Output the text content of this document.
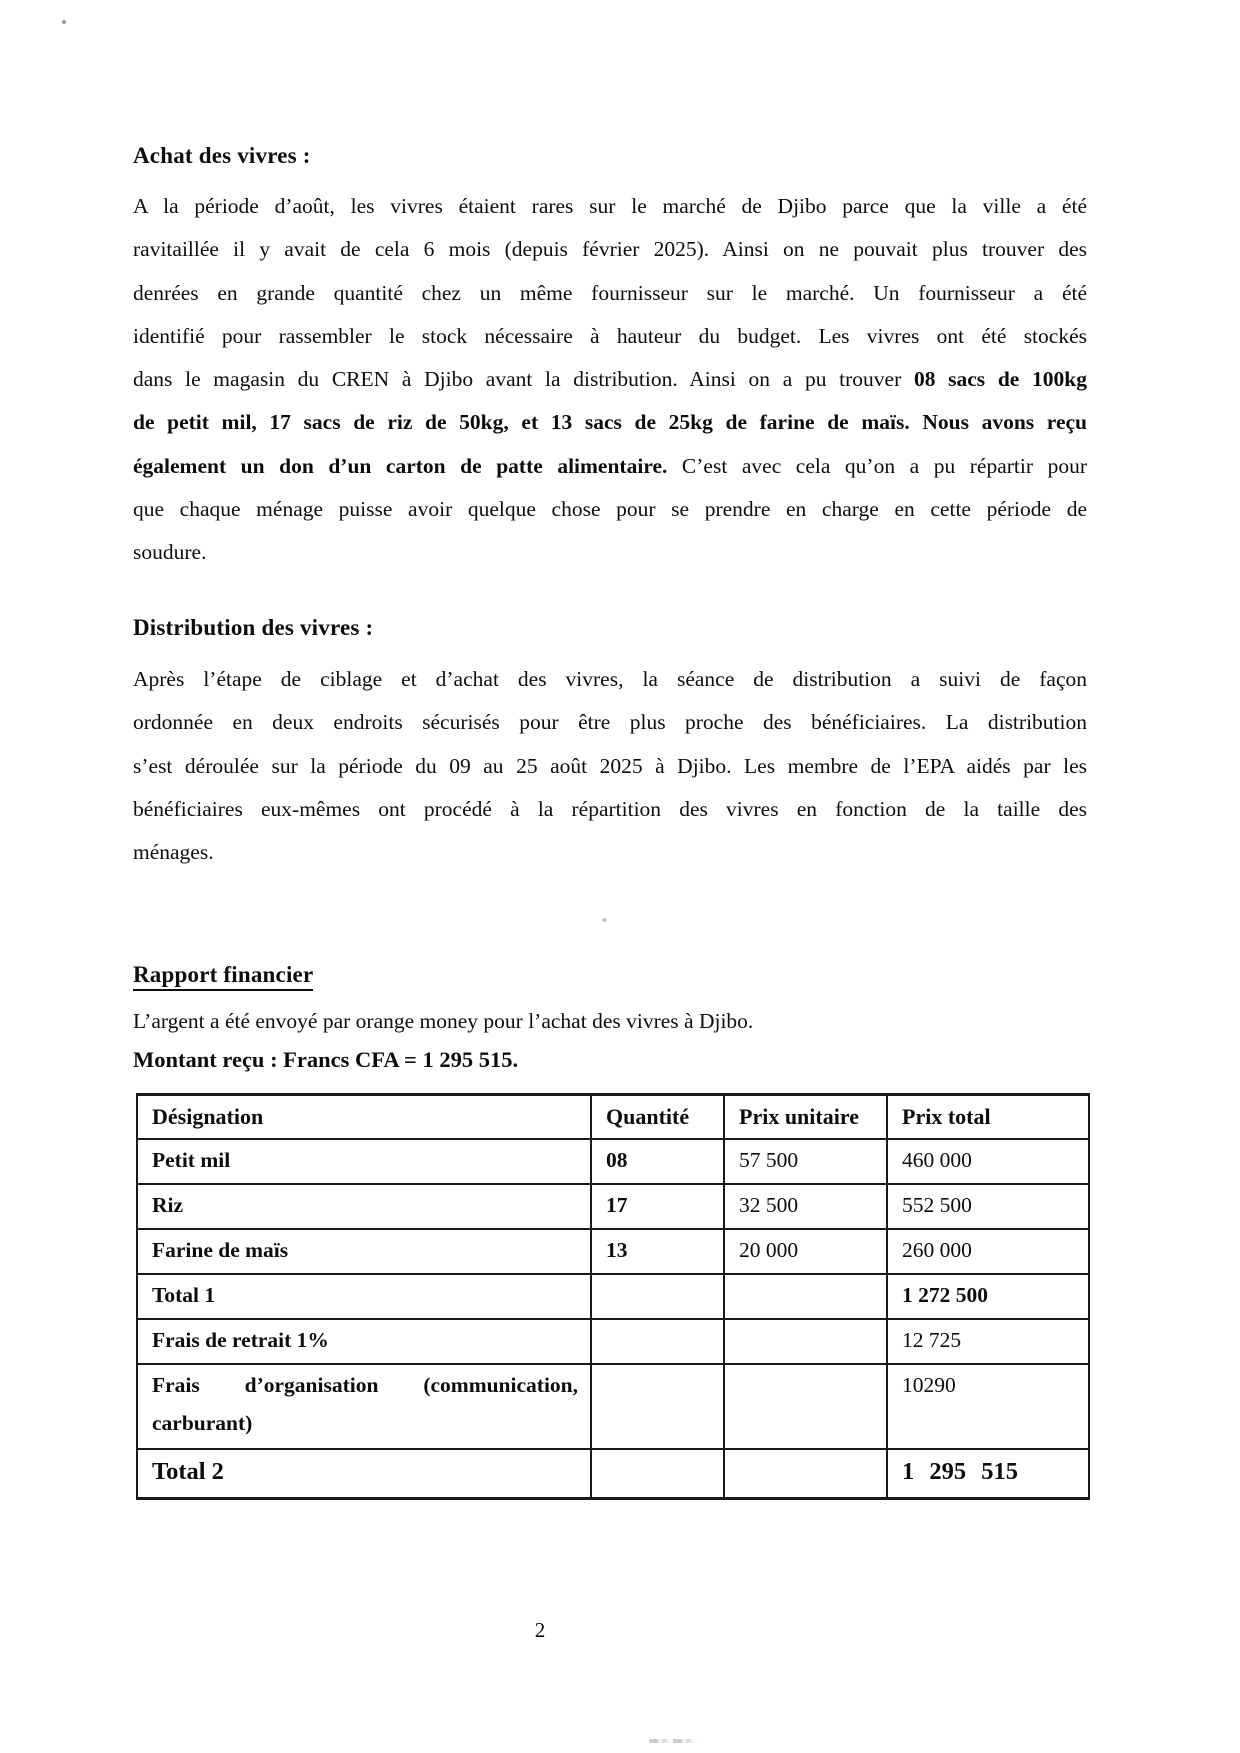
Achat des vivres :
A la période d’août, les vivres étaient rares sur le marché de Djibo parce que la ville a été
ravitaillée il y avait de cela 6 mois (depuis février 2025). Ainsi on ne pouvait plus trouver des
denrées en grande quantité chez un même fournisseur sur le marché. Un fournisseur a été
identifié pour rassembler le stock nécessaire à hauteur du budget. Les vivres ont été stockés
dans le magasin du CREN à Djibo avant la distribution. Ainsi on a pu trouver 08 sacs de 100kg
de petit mil, 17 sacs de riz de 50kg, et 13 sacs de 25kg de farine de maïs. Nous avons reçu
également un don d’un carton de patte alimentaire. C’est avec cela qu’on a pu répartir pour
que chaque ménage puisse avoir quelque chose pour se prendre en charge en cette période de
soudure.
Distribution des vivres :
Après l’étape de ciblage et d’achat des vivres, la séance de distribution a suivi de façon
ordonnée en deux endroits sécurisés pour être plus proche des bénéficiaires. La distribution
s’est déroulée sur la période du 09 au 25 août 2025 à Djibo. Les membre de l’EPA aidés par les
bénéficiaires eux-mêmes ont procédé à la répartition des vivres en fonction de la taille des
ménages.
Rapport financier
L’argent a été envoyé par orange money pour l’achat des vivres à Djibo.
Montant reçu : Francs CFA = 1 295 515.
Désignation	Quantité	Prix unitaire	Prix total
Petit mil	08	57 500	460 000
Riz	17	32 500	552 500
Farine de maïs	13	20 000	260 000
Total 1			1 272 500
Frais de retrait 1%			12 725

Frais d’organisation (communication,
carburant)			10290
Total 2			1 295 515
2
